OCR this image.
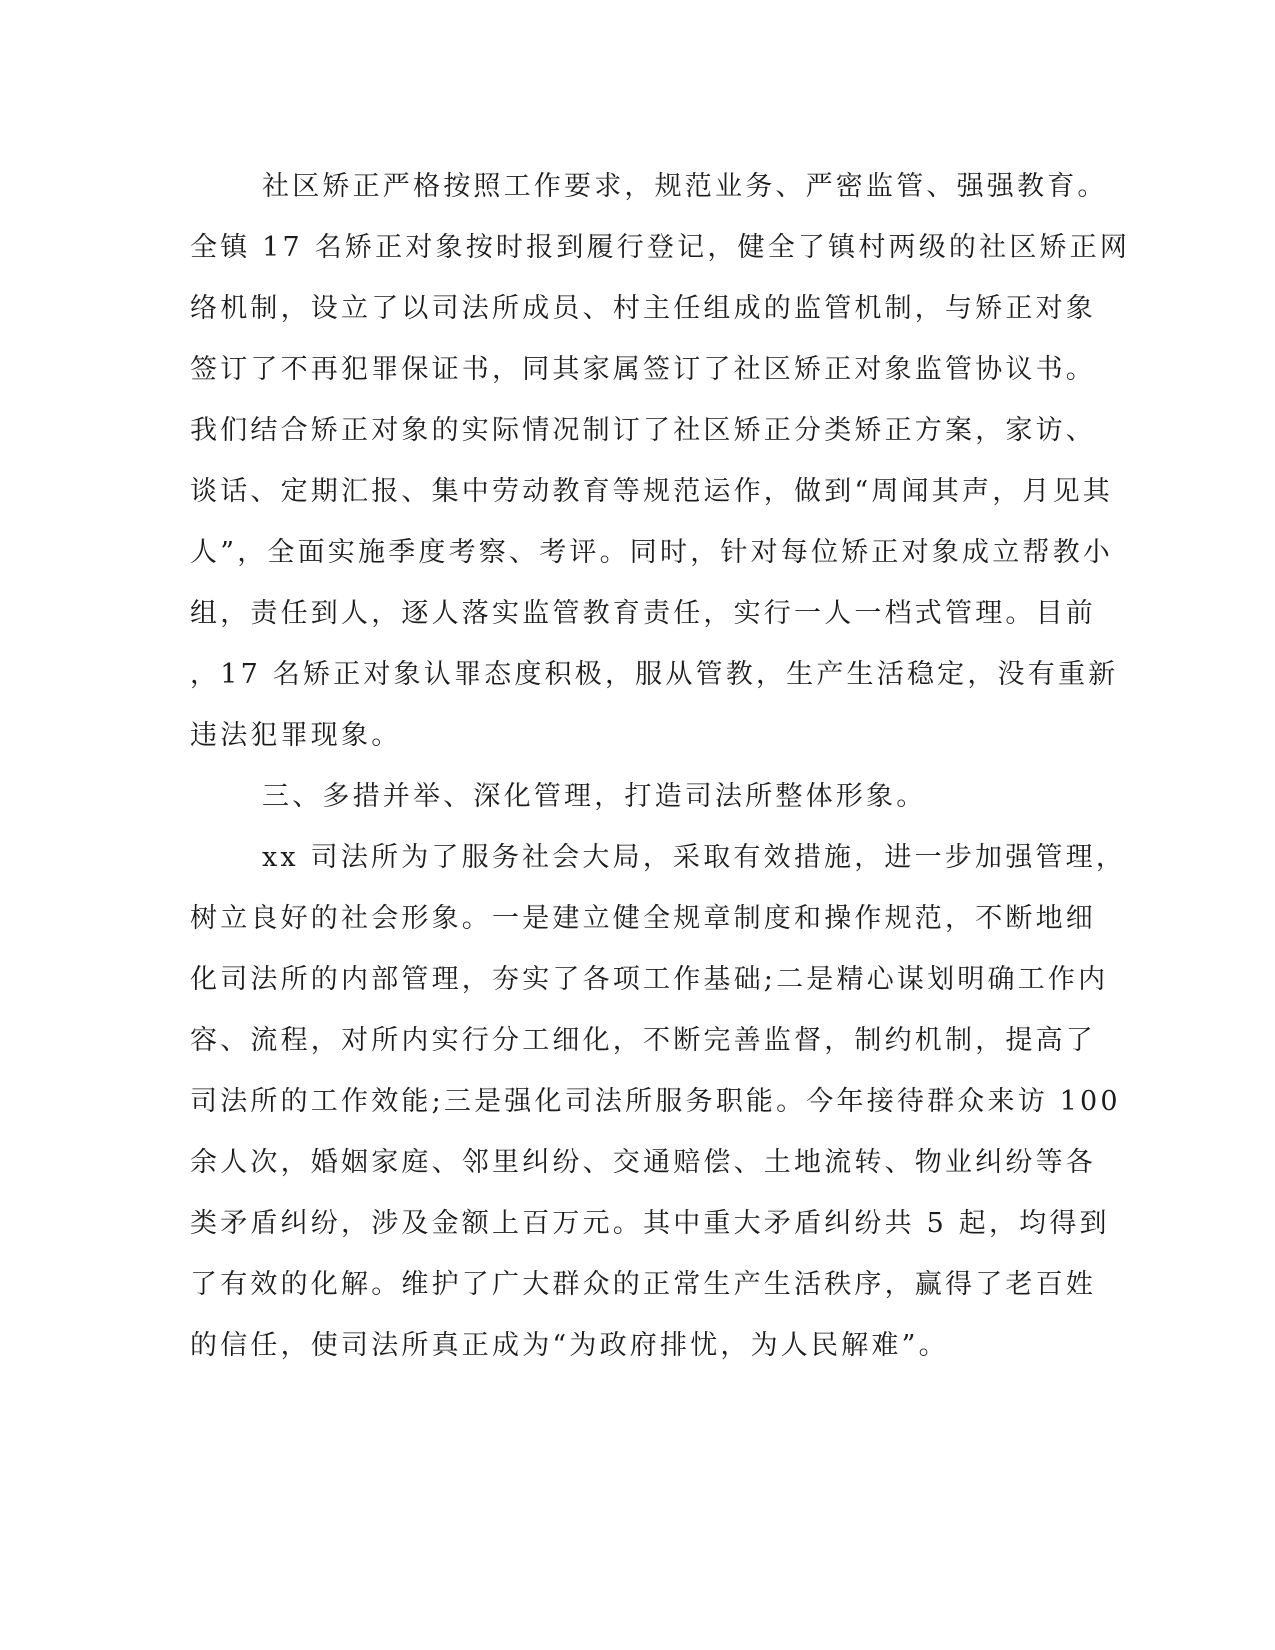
社区矫正严格按照工作要求，规范业务、严密监管、强强教育。
全镇 17 名矫正对象按时报到履行登记，健全了镇村两级的社区矫正网
络机制，设立了以司法所成员、村主任组成的监管机制，与矫正对象
签订了不再犯罪保证书，同其家属签订了社区矫正对象监管协议书。
我们结合矫正对象的实际情况制订了社区矫正分类矫正方案，家访、
谈话、定期汇报、集中劳动教育等规范运作，做到“周闻其声，月见其
人”，全面实施季度考察、考评。同时，针对每位矫正对象成立帮教小
组，责任到人，逐人落实监管教育责任，实行一人一档式管理。目前
，17 名矫正对象认罪态度积极，服从管教，生产生活稳定，没有重新
违法犯罪现象。
三、多措并举、深化管理，打造司法所整体形象。
xx 司法所为了服务社会大局，采取有效措施，进一步加强管理，
树立良好的社会形象。一是建立健全规章制度和操作规范，不断地细
化司法所的内部管理，夯实了各项工作基础;二是精心谋划明确工作内
容、流程，对所内实行分工细化，不断完善监督，制约机制，提高了
司法所的工作效能;三是强化司法所服务职能。今年接待群众来访 100
余人次，婚姻家庭、邻里纠纷、交通赔偿、土地流转、物业纠纷等各
类矛盾纠纷，涉及金额上百万元。其中重大矛盾纠纷共 5 起，均得到
了有效的化解。维护了广大群众的正常生产生活秩序，赢得了老百姓
的信任，使司法所真正成为“为政府排忧，为人民解难”。
